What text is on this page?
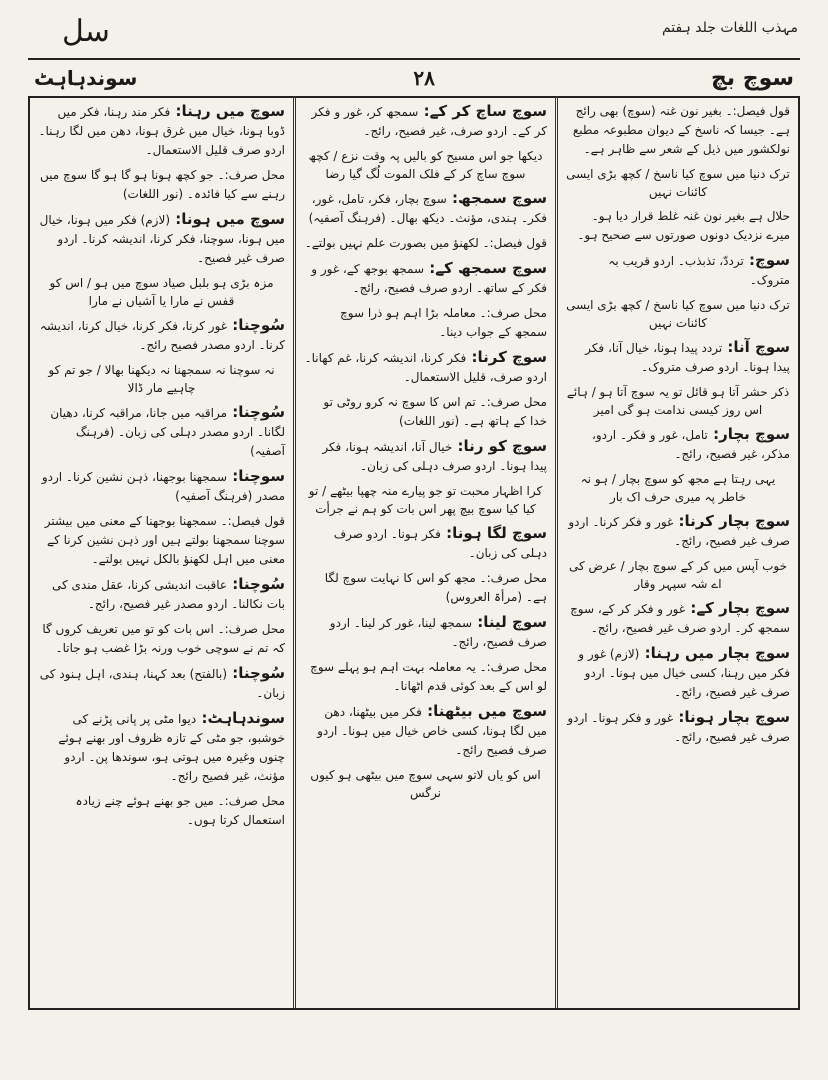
سل	مہذب اللغات جلد ہفتم
سوچ بچ
٢٨
سوندہاہٹ
قول فیصل:۔ بغیر نون غنہ (سوچ) بھی رائج ہے۔ جیسا کہ ناسخ کے دیوان مطبوعہ مطبع نولکشور میں ذیل کے شعر سے ظاہر ہے۔
ترک دنیا میں سوچ کیا ناسخ / کچھ بڑی ایسی کائنات نہیں
حلال ہے بغیر نون غنہ غلط قرار دیا ہو۔ میرے نزدیک دونوں صورتوں سے صحیح ہو۔
سوچ: ترددّ، تذبذب۔ اردو قریب بہ متروک۔
ترک دنیا میں سوچ کیا ناسخ / کچھ بڑی ایسی کائنات نہیں
سوچ آنا: تردد پیدا ہونا، خیال آنا، فکر پیدا ہونا۔ اردو صرف متروک۔
ذکر حشر آتا ہو قائل تو یہ سوچ آتا ہو / ہائے اس روز کیسی ندامت ہو گی امیر
سوچ بچار: تامل، غور و فکر۔ اردو، مذکر، غیر فصیح، رائج۔
یہی رہتا ہے مجھ کو سوچ بچار / ہو نہ خاطر پہ میری حرف اک بار
سوچ بچار کرنا: غور و فکر کرنا۔ اردو صرف غیر فصیح، رائج۔
خوب آپس میں کر کے سوچ بچار / عرض کی اے شہ سپہر وقار
سوچ بچار کے: غور و فکر کر کے، سوچ سمجھ کر۔ اردو صرف غیر فصیح، رائج۔
سوچ بچار میں رہنا: (لازم) غور و فکر میں رہنا، کسی خیال میں ہونا۔ اردو صرف غیر فصیح، رائج۔
سوچ بچار ہونا: غور و فکر ہونا۔ اردو صرف غیر فصیح، رائج۔
سوچ ساچ کر کے: سمجھ کر، غور و فکر کر کے۔ اردو صرف، غیر فصیح، رائج۔
دیکھا جو اس مسیح کو بالیں پہ وقت نزع / کچھ سوچ ساچ کر کے فلک الموت لُگ گیا رضا
سوچ سمجھ: سوچ بچار، فکر، تامل، غور، فکر۔ ہندی، مؤنث۔ دیکھ بھال۔ (فرہنگ آصفیہ)
قول فیصل:۔ لکھنؤ میں بصورت علم نہیں بولتے۔
سوچ سمجھ کے: سمجھ بوجھ کے، غور و فکر کے ساتھ۔ اردو صرف فصیح، رائج۔
محل صرف:۔ معاملہ بڑا اہم ہو ذرا سوچ سمجھ کے جواب دینا۔
سوچ کرنا: فکر کرنا، اندیشہ کرنا، غم کھانا۔ اردو صرف، قلیل الاستعمال۔
محل صرف:۔ تم اس کا سوچ نہ کرو روٹی تو خدا کے ہاتھ ہے۔ (نور اللغات)
سوچ کو رنا: خیال آنا، اندیشہ ہونا، فکر پیدا ہونا۔ اردو صرف دہلی کی زبان۔
کرا اظہار محبت تو جو پیارے منہ چھپا بیٹھے / تو کیا کیا سوچ بیچ پھر اس بات کو ہم نے جرأت
سوچ لگا ہونا: فکر ہونا۔ اردو صرف دہلی کی زبان۔
محل صرف:۔ مجھ کو اس کا نہایت سوچ لگا ہے۔ (مرأۃ العروس)
سوچ لینا: سمجھ لینا، غور کر لینا۔ اردو صرف فصیح، رائج۔
محل صرف:۔ یہ معاملہ بہت اہم ہو پہلے سوچ لو اس کے بعد کوئی قدم اٹھانا۔
سوچ میں بیٹھنا: فکر میں بیٹھنا، دھن میں لگا ہونا، کسی خاص خیال میں ہونا۔ اردو صرف فصیح رائج۔
اس کو یاں لاتو سہی سوچ میں بیٹھی ہو کیوں نرگس
سوچ میں رہنا: فکر مند رہنا، فکر میں ڈوبا ہونا، خیال میں غرق ہونا، دھن میں لگا رہنا۔ اردو صرف قلیل الاستعمال۔
محل صرف:۔ جو کچھ ہونا ہو گا ہو گا سوچ میں رہنے سے کیا فائدہ۔ (نور اللغات)
سوچ میں ہونا: (لازم) فکر میں ہونا، خیال میں ہونا، سوچنا، فکر کرنا، اندیشہ کرنا۔ اردو صرف غیر فصیح۔
مزہ بڑی ہو بلبل صیاد سوچ میں ہو / اس کو قفس نے مارا یا آشیاں نے مارا
سُوچنا: غور کرنا، فکر کرنا، خیال کرنا، اندیشہ کرنا۔ اردو مصدر فصیح رائج۔
نہ سوچنا نہ سمجھنا نہ دیکھنا بھالا / جو تم کو چاہیے مار ڈالا
سُوچنا: مراقبہ میں جانا، مراقبہ کرنا، دھیان لگانا۔ اردو مصدر دہلی کی زبان۔ (فرہنگ آصفیہ)
سوچنا: سمجھنا بوجھنا، ذہن نشین کرنا۔ اردو مصدر (فرہنگ آصفیہ)
قول فیصل:۔ سمجھنا بوجھنا کے معنی میں بیشتر سوچنا سمجھنا بولتے ہیں اور ذہن نشین کرنا کے معنی میں اہل لکھنؤ بالکل نہیں بولتے۔
سُوچنا: عاقبت اندیشی کرنا، عقل مندی کی بات نکالنا۔ اردو مصدر غیر فصیح، رائج۔
محل صرف:۔ اس بات کو تو میں تعریف کروں گا کہ تم نے سوچی خوب ورنہ بڑا غضب ہو جاتا۔
سُوچنا: (بالفتح) بعد کہنا، ہندی، اہل ہنود کی زبان۔
سوندہاہٹ: دیوا مٹی پر پانی پڑنے کی خوشبو، جو مٹی کے تازہ ظروف اور بھنے ہوئے چنوں وغیرہ میں ہوتی ہو، سوندھا پن۔ اردو مؤنث، غیر فصیح رائج۔
محل صرف:۔ میں جو بھنے ہوئے چنے زیادہ استعمال کرتا ہوں۔
